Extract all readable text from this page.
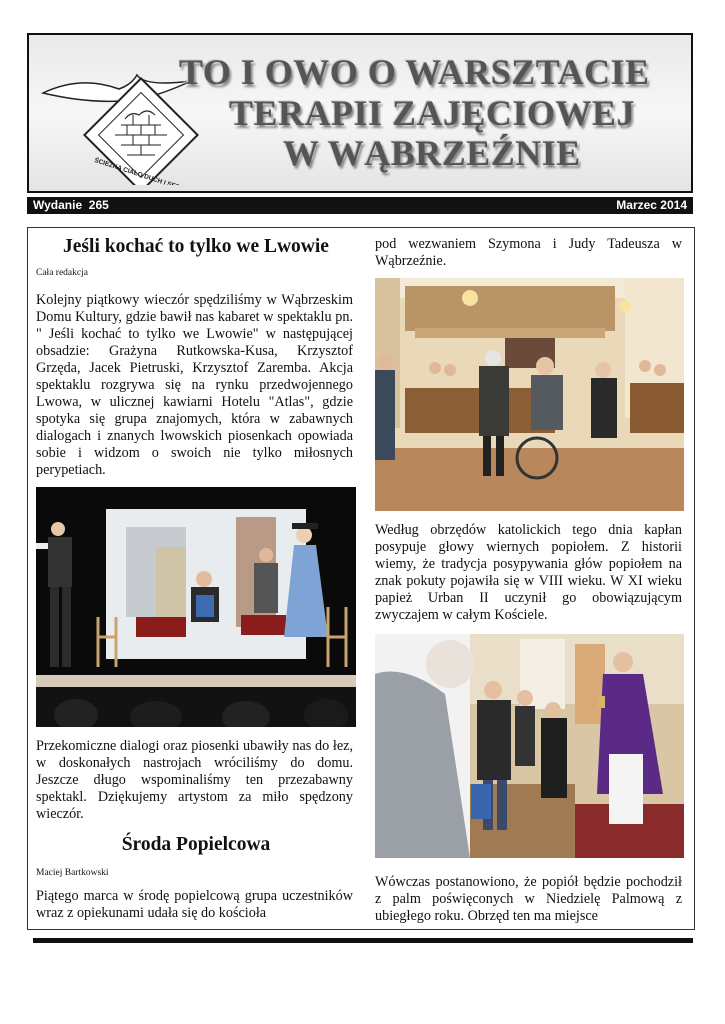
ŚCIEŻKA CIAŁO DUCH I SERCE
TO I OWO O WARSZTACIE
TERAPII ZAJĘCIOWEJ
W WĄBRZEŹNIE
Wydanie  265	Marzec 2014
Jeśli kochać to tylko we Lwowie
Cała redakcja

Kolejny piątkowy wieczór spędziliśmy w Wąbrzeskim Domu Kultury, gdzie bawił nas kabaret w spektaklu pn. " Jeśli kochać to tylko we Lwowie" w następującej obsadzie: Grażyna Rutkowska-Kusa, Krzysztof Grzęda, Jacek Pietruski, Krzysztof Zaremba. Akcja spektaklu rozgrywa się na rynku przedwojennego Lwowa, w ulicznej kawiarni Hotelu "Atlas", gdzie spotyka się grupa znajomych, która w zabawnych dialogach i znanych lwowskich piosenkach opowiada sobie i widzom o swoich nie tylko miłosnych perypetiach.

Przekomiczne dialogi oraz piosenki ubawiły nas do łez, w doskonałych nastrojach wróciliśmy do domu. Jeszcze długo wspominaliśmy ten przezabawny spektakl. Dziękujemy artystom za miło spędzony wieczór.

Środa Popielcowa
Maciej Bartkowski

Piątego marca w środę popielcową grupa uczestników wraz z opiekunami udała się do kościoła

pod wezwaniem Szymona i Judy Tadeusza w Wąbrzeźnie.

Według obrzędów katolickich tego dnia kapłan posypuje głowy wiernych popiołem. Z historii wiemy, że tradycja posypywania głów popiołem na znak pokuty pojawiła się w VIII wieku. W XI wieku papież Urban II uczynił go obowiązującym zwyczajem w całym Kościele.

Wówczas postanowiono, że popiół będzie pochodził z palm poświęconych w Niedzielę Palmową z ubiegłego roku. Obrzęd ten ma miejsce
